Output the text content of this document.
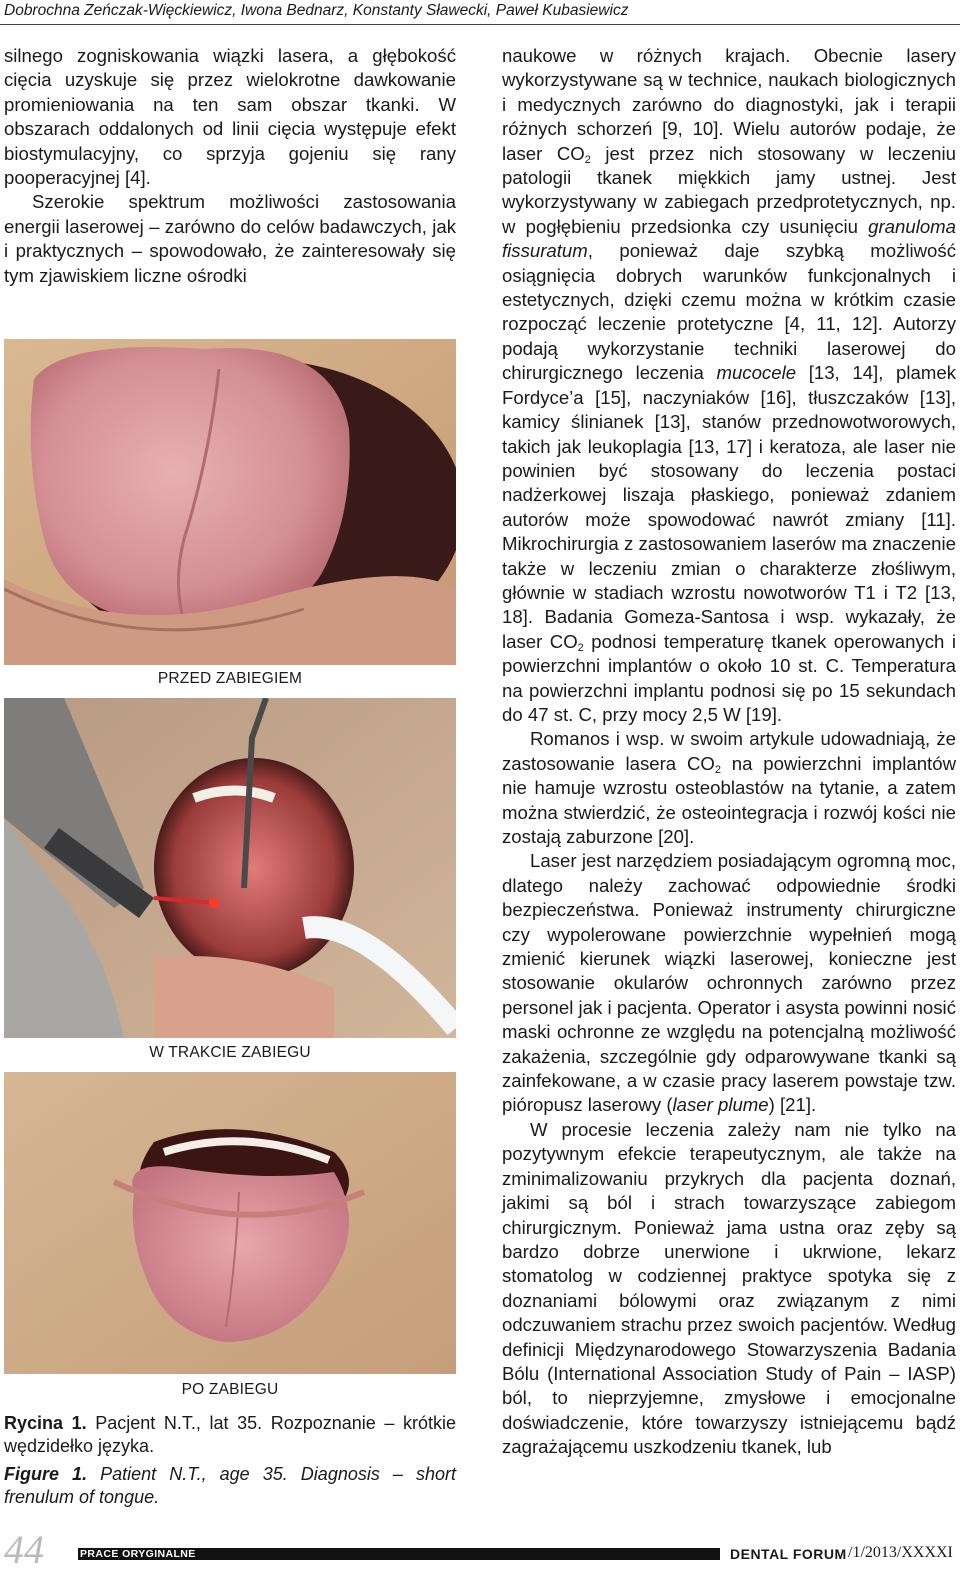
Dobrochna Zeńczak-Więckiewicz, Iwona Bednarz, Konstanty Sławecki, Paweł Kubasiewicz

silnego zogniskowania wiązki lasera, a głębokość cięcia uzyskuje się przez wielokrotne dawkowanie promieniowania na ten sam obszar tkanki. W obszarach oddalonych od linii cięcia występuje efekt biostymulacyjny, co sprzyja gojeniu się rany pooperacyjnej [4].

Szerokie spektrum możliwości zastosowania energii laserowej – zarówno do celów badawczych, jak i praktycznych – spowodowało, że zainteresowały się tym zjawiskiem liczne ośrodki

PRZED ZABIEGIEM
W TRAKCIE ZABIEGU
PO ZABIEGU
Rycina 1. Pacjent N.T., lat 35. Rozpoznanie – krótkie wędzidełko języka.
Figure 1. Patient N.T., age 35. Diagnosis – short frenulum of tongue.

naukowe w różnych krajach. Obecnie lasery wykorzystywane są w technice, naukach biologicznych i medycznych zarówno do diagnostyki, jak i terapii różnych schorzeń [9, 10]. Wielu autorów podaje, że laser $CO_2$ jest przez nich stosowany w leczeniu patologii tkanek miękkich jamy ustnej. Jest wykorzystywany w zabiegach przedprotetycznych, np. w pogłębieniu przedsionka czy usunięciu granuloma fissuratum, ponieważ daje szybką możliwość osiągnięcia dobrych warunków funkcjonalnych i estetycznych, dzięki czemu można w krótkim czasie rozpocząć leczenie protetyczne [4, 11, 12]. Autorzy podają wykorzystanie techniki laserowej do chirurgicznego leczenia mucocele [13, 14], plamek Fordyce’a [15], naczyniaków [16], tłuszczaków [13], kamicy ślinianek [13], stanów przednowotworowych, takich jak leukoplagia [13, 17] i keratoza, ale laser nie powinien być stosowany do leczenia postaci nadżerkowej liszaja płaskiego, ponieważ zdaniem autorów może spowodować nawrót zmiany [11]. Mikrochirurgia z zastosowaniem laserów ma znaczenie także w leczeniu zmian o charakterze złośliwym, głównie w stadiach wzrostu nowotworów T1 i T2 [13, 18]. Badania Gomeza-Santosa i wsp. wykazały, że laser $CO_2$ podnosi temperaturę tkanek operowanych i powierzchni implantów o około 10 st. C. Temperatura na powierzchni implantu podnosi się po 15 sekundach do 47 st. C, przy mocy 2,5 W [19].

Romanos i wsp. w swoim artykule udowadniają, że zastosowanie lasera $CO_2$ na powierzchni implantów nie hamuje wzrostu osteoblastów na tytanie, a zatem można stwierdzić, że osteointegracja i rozwój kości nie zostają zaburzone [20].

Laser jest narzędziem posiadającym ogromną moc, dlatego należy zachować odpowiednie środki bezpieczeństwa. Ponieważ instrumenty chirurgiczne czy wypolerowane powierzchnie wypełnień mogą zmienić kierunek wiązki laserowej, konieczne jest stosowanie okularów ochronnych zarówno przez personel jak i pacjenta. Operator i asysta powinni nosić maski ochronne ze względu na potencjalną możliwość zakażenia, szczególnie gdy odparowywane tkanki są zainfekowane, a w czasie pracy laserem powstaje tzw. pióropusz laserowy (laser plume) [21].

W procesie leczenia zależy nam nie tylko na pozytywnym efekcie terapeutycznym, ale także na zminimalizowaniu przykrych dla pacjenta doznań, jakimi są ból i strach towarzyszące zabiegom chirurgicznym. Ponieważ jama ustna oraz zęby są bardzo dobrze unerwione i ukrwione, lekarz stomatolog w codziennej praktyce spotyka się z doznaniami bólowymi oraz związanym z nimi odczuwaniem strachu przez swoich pacjentów. Według definicji Międzynarodowego Stowarzyszenia Badania Bólu (International Association Study of Pain – IASP) ból, to nieprzyjemne, zmysłowe i emocjonalne doświadczenie, które towarzyszy istniejącemu bądź zagrażającemu uszkodzeniu tkanek, lub

44	PRACE ORYGINALNE	DENTAL FORUM /1/2013/XXXXI
